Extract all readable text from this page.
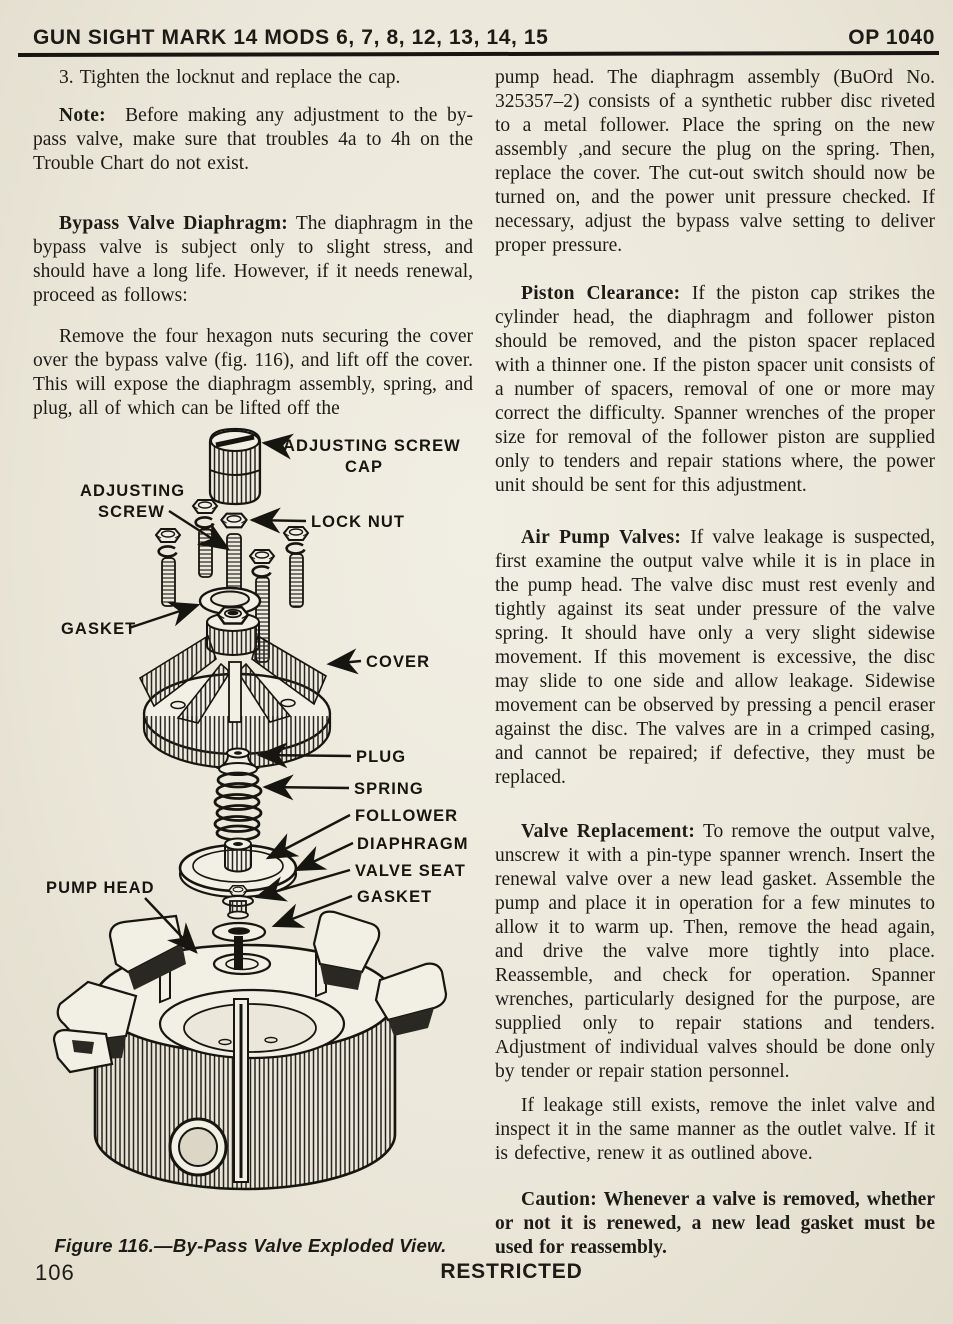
GUN SIGHT MARK 14 MODS 6, 7, 8, 12, 13, 14, 15	OP 1040

3. Tighten the locknut and replace the cap.

Note: Before making any adjustment to the by-pass valve, make sure that troubles 4a to 4h on the Trouble Chart do not exist.

Bypass Valve Diaphragm: The diaphragm in the bypass valve is subject only to slight stress, and should have a long life. However, if it needs renewal, proceed as follows:

Remove the four hexagon nuts securing the cover over the bypass valve (fig. 116), and lift off the cover. This will expose the diaphragm assembly, spring, and plug, all of which can be lifted off the

pump head. The diaphragm assembly (BuOrd No. 325357–2) consists of a synthetic rubber disc riveted to a metal follower. Place the spring on the new assembly ,and secure the plug on the spring. Then, replace the cover. The cut-out switch should now be turned on, and the power unit pressure checked. If necessary, adjust the bypass valve setting to deliver proper pressure.

Piston Clearance: If the piston cap strikes the cylinder head, the diaphragm and follower piston should be removed, and the piston spacer replaced with a thinner one. If the piston spacer unit consists of a number of spacers, removal of one or more may correct the difficulty. Spanner wrenches of the proper size for removal of the follower piston are supplied only to tenders and repair stations where, the power unit should be sent for this adjustment.

Air Pump Valves: If valve leakage is suspected, first examine the output valve while it is in place in the pump head. The valve disc must rest evenly and tightly against its seat under pressure of the valve spring. It should have only a very slight sidewise movement. If this movement is excessive, the disc may slide to one side and allow leakage. Sidewise movement can be observed by pressing a pencil eraser against the disc. The valves are in a crimped casing, and cannot be repaired; if defective, they must be replaced.

Valve Replacement: To remove the output valve, unscrew it with a pin-type spanner wrench. Insert the renewal valve over a new lead gasket. Assemble the pump and place it in operation for a few minutes to allow it to warm up. Then, remove the head again, and drive the valve more tightly into place. Reassemble, and check for operation. Spanner wrenches, particularly designed for the purpose, are supplied only to repair stations and tenders. Adjustment of individual valves should be done only by tender or repair station personnel.

If leakage still exists, remove the inlet valve and inspect it in the same manner as the outlet valve. If it is defective, renew it as outlined above.

Caution: Whenever a valve is removed, whether or not it is renewed, a new lead gasket must be used for reassembly.

ADJUSTING SCREW
CAP
ADJUSTING
SCREW
LOCK NUT
GASKET
COVER
PLUG
SPRING
FOLLOWER
DIAPHRAGM
VALVE SEAT
GASKET
PUMP HEAD
Figure 116.—By-Pass Valve Exploded View.
106	RESTRICTED
